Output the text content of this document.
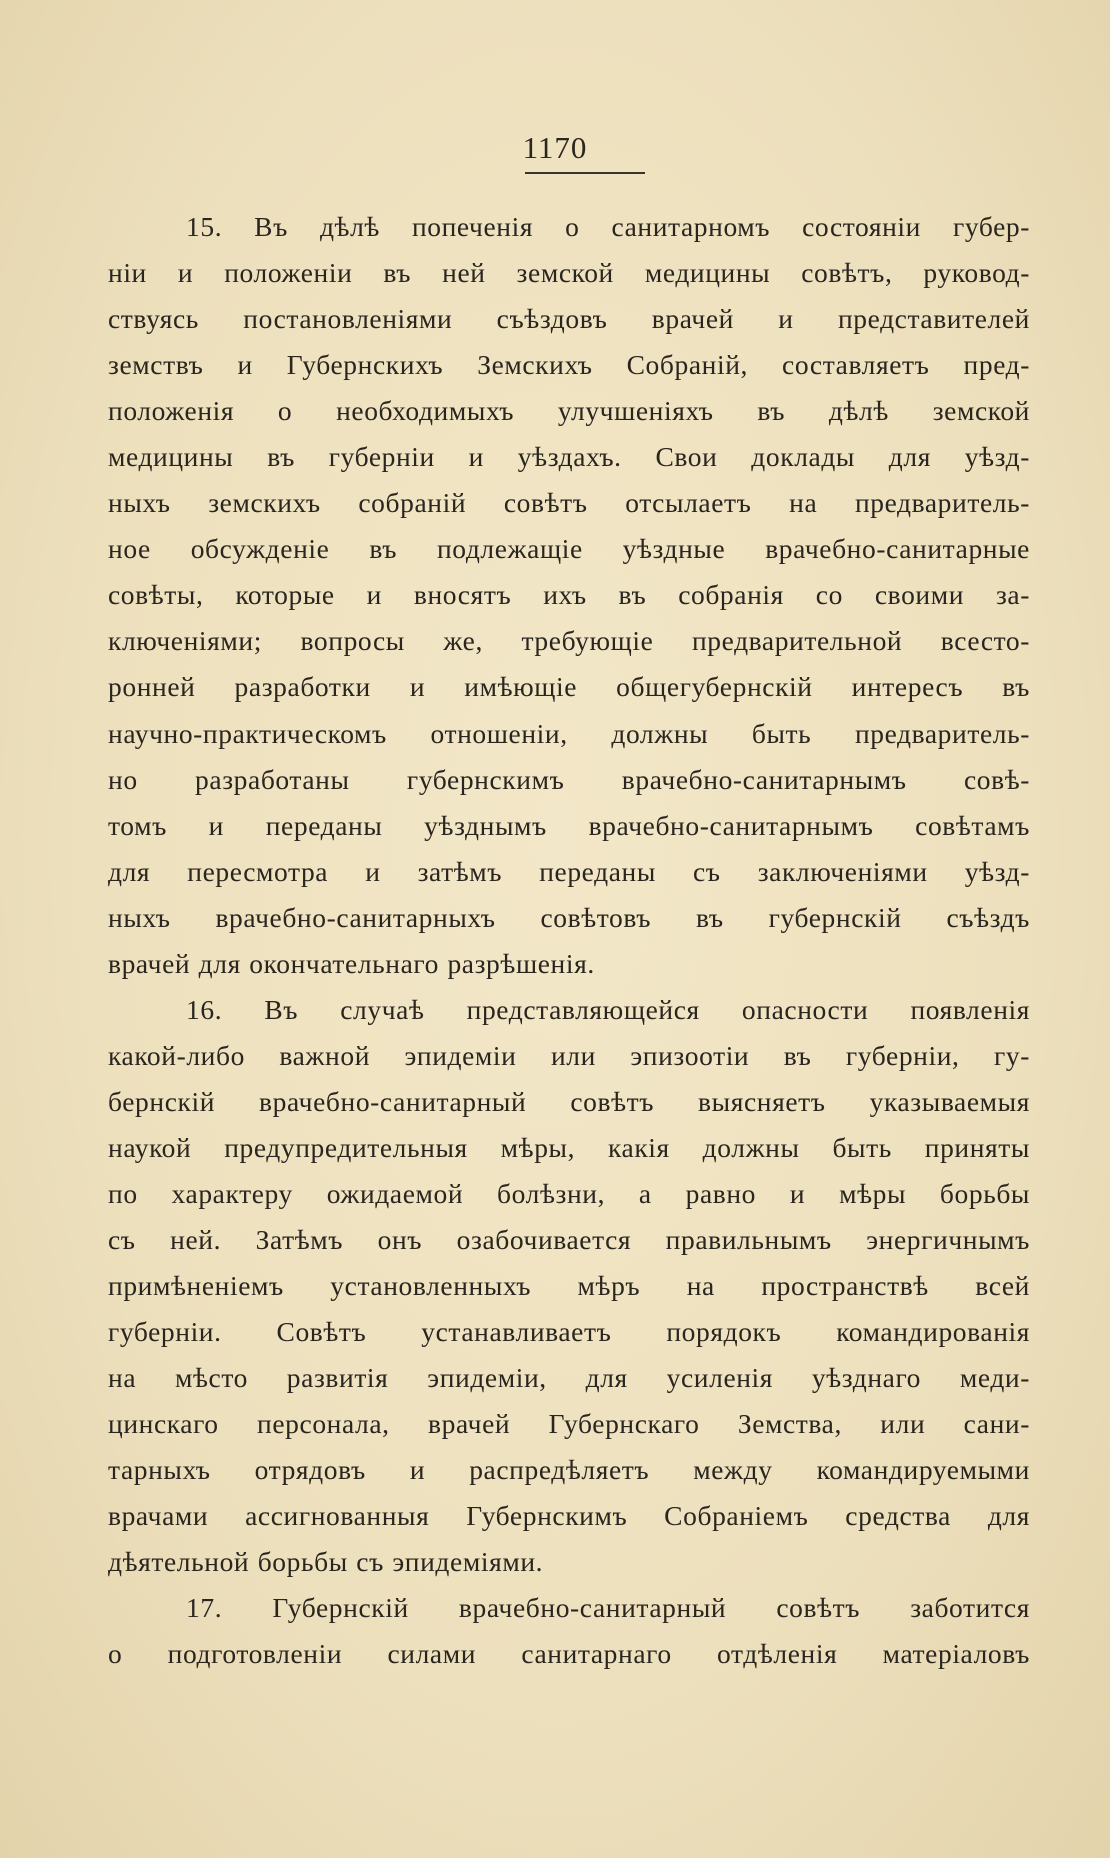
1170
15. Въ дѣлѣ попеченія о санитарномъ состояніи губер-
ніи и положеніи въ ней земской медицины совѣтъ, руковод-
ствуясь постановленіями съѣздовъ врачей и представителей
земствъ и Губернскихъ Земскихъ Собраній, составляетъ пред-
положенія о необходимыхъ улучшеніяхъ въ дѣлѣ земской
медицины въ губерніи и уѣздахъ. Свои доклады для уѣзд-
ныхъ земскихъ собраній совѣтъ отсылаетъ на предваритель-
ное обсужденіе въ подлежащіе уѣздные врачебно-санитарные
совѣты, которые и вносятъ ихъ въ собранія со своими за-
ключеніями; вопросы же, требующіе предварительной всесто-
ронней разработки и имѣющіе общегубернскій интересъ въ
научно-практическомъ отношеніи, должны быть предваритель-
но разработаны губернскимъ врачебно-санитарнымъ совѣ-
томъ и переданы уѣзднымъ врачебно-санитарнымъ совѣтамъ
для пересмотра и затѣмъ переданы съ заключеніями уѣзд-
ныхъ врачебно-санитарныхъ совѣтовъ въ губернскій съѣздъ
врачей для окончательнаго разрѣшенія.
16. Въ случаѣ представляющейся опасности появленія
какой-либо важной эпидеміи или эпизоотіи въ губерніи, гу-
бернскій врачебно-санитарный совѣтъ выясняетъ указываемыя
наукой предупредительныя мѣры, какія должны быть приняты
по характеру ожидаемой болѣзни, а равно и мѣры борьбы
съ ней. Затѣмъ онъ озабочивается правильнымъ энергичнымъ
примѣненіемъ установленныхъ мѣръ на пространствѣ всей
губерніи. Совѣтъ устанавливаетъ порядокъ командированія
на мѣсто развитія эпидеміи, для усиленія уѣзднаго меди-
цинскаго персонала, врачей Губернскаго Земства, или сани-
тарныхъ отрядовъ и распредѣляетъ между командируемыми
врачами ассигнованныя Губернскимъ Собраніемъ средства для
дѣятельной борьбы съ эпидеміями.
17. Губернскій врачебно-санитарный совѣтъ заботится
о подготовленіи силами санитарнаго отдѣленія матеріаловъ
